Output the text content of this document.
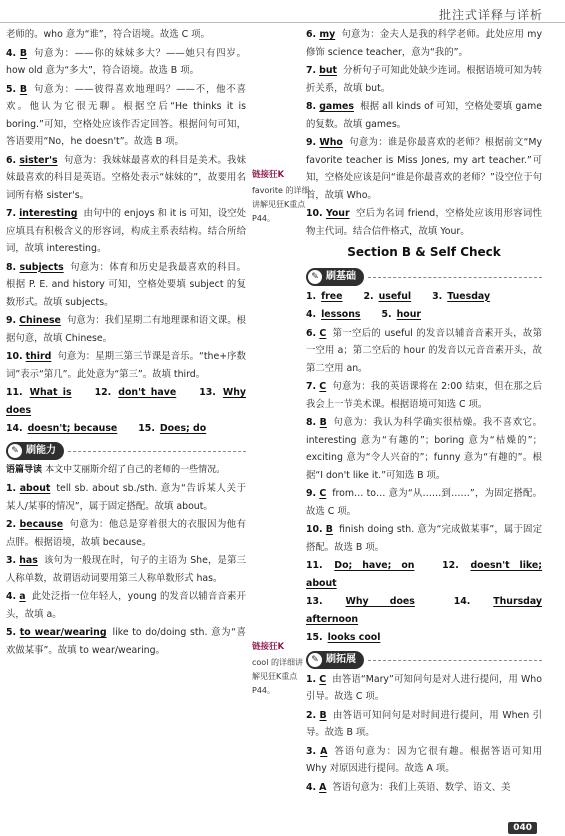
批注式详释与详析
老师的。who 意为“谁”，符合语境。故选 C 项。
4. B 句意为：——你的妹妹多大？——她只有四岁。how old 意为“多大”，符合语境。故选 B 项。
5. B 句意为：——彼得喜欢地理吗？——不，他不喜欢。他认为它很无聊。根据空后“He thinks it is boring.”可知，空格处应该作否定回答。根据问句可知，答语要用“No，he doesn't”。故选 B 项。
6. sister's 句意为：我妹妹最喜欢的科目是美术。我妹妹最喜欢的科目是英语。空格处表示“妹妹的”，故要用名词所有格 sister's。
7. interesting 由句中的 enjoys 和 it is 可知，设空处应填具有积极含义的形容词，构成主系表结构。结合所给词，故填 interesting。
8. subjects 句意为：体育和历史是我最喜欢的科目。根据 P. E. and history 可知，空格处要填 subject 的复数形式。故填 subjects。
9. Chinese 句意为：我们星期二有地理课和语文课。根据句意，故填 Chinese。
10. third 句意为：星期三第三节课是音乐。“the+序数词”表示“第几”。此处意为“第三”。故填 third。
11. What is 12. don't have 13. Why does
14. doesn't; because 15. Does; do
✎ 刷能力
语篇导读 本文中艾丽斯介绍了自己的老师的一些情况。
1. about tell sb. about sb./sth. 意为“告诉某人关于某人/某事的情况”，属于固定搭配。故填 about。
2. because 句意为：他总是穿着很大的衣服因为他有点胖。根据语境，故填 because。
3. has 该句为一般现在时，句子的主语为 She，是第三人称单数，故谓语动词要用第三人称单数形式 has。
4. a 此处泛指一位年轻人，young 的发音以辅音音素开头，故填 a。
5. to wear/wearing like to do/doing sth. 意为“喜欢做某事”。故填 to wear/wearing。
链接狂K
favorite 的详细讲解见狂K重点 P44。
链接狂K
cool 的详细讲解见狂K重点 P44。
6. my 句意为：金夫人是我的科学老师。此处应用 my 修饰 science teacher，意为“我的”。
7. but 分析句子可知此处缺少连词。根据语境可知为转折关系，故填 but。
8. games 根据 all kinds of 可知，空格处要填 game 的复数。故填 games。
9. Who 句意为：谁是你最喜欢的老师？根据前文“My favorite teacher is Miss Jones, my art teacher.”可知，空格处应该是问“谁是你最喜欢的老师？”设空位于句首，故填 Who。
10. Your 空后为名词 friend，空格处应该用形容词性物主代词。结合信件格式，故填 Your。
Section B & Self Check
✎ 刷基础
1. free 2. useful 3. Tuesday
4. lessons 5. hour
6. C 第一空后的 useful 的发音以辅音音素开头，故第一空用 a；第二空后的 hour 的发音以元音音素开头，故第二空用 an。
7. C 句意为：我的英语课将在 2:00 结束，但在那之后我会上一节美术课。根据语境可知选 C 项。
8. B 句意为：我认为科学确实很枯燥。我不喜欢它。interesting 意为“有趣的”；boring 意为“枯燥的”；exciting 意为“令人兴奋的”；funny 意为“有趣的”。根据“I don't like it.”可知选 B 项。
9. C from… to… 意为“从……到……”，为固定搭配。故选 C 项。
10. B finish doing sth. 意为“完成做某事”，属于固定搭配。故选 B 项。
11. Do; have; on	12. doesn't like; about
13. Why does	14. Thursday afternoon
15. looks cool
✎ 刷拓展
1. C 由答语“Mary”可知问句是对人进行提问，用 Who 引导。故选 C 项。
2. B 由答语可知问句是对时间进行提问，用 When 引导。故选 B 项。
3. A 答语句意为：因为它很有趣。根据答语可知用 Why 对原因进行提问。故选 A 项。
4. A 答语句意为：我们上英语、数学、语文、美
040
